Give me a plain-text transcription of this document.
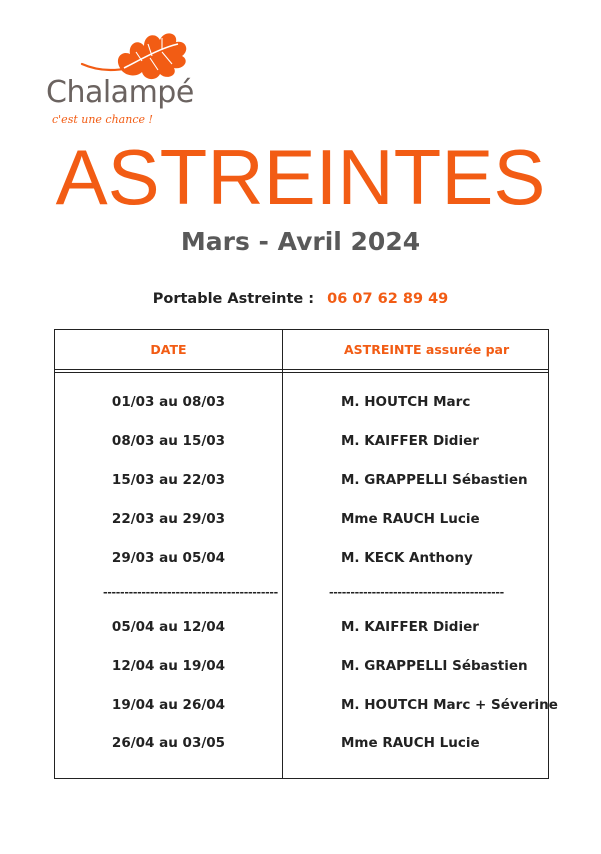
Chalampé
c'est une chance !
ASTREINTES
Mars - Avril 2024
Portable Astreinte : 06 07 62 89 49
DATE	ASTREINTE assurée par
01/03 au 08/03	M. HOUTCH Marc
08/03 au 15/03	M. KAIFFER Didier
15/03 au 22/03	M. GRAPPELLI Sébastien
22/03 au 29/03	Mme RAUCH Lucie
29/03 au 05/04	M. KECK Anthony
-----------------------------------------	-----------------------------------------
05/04 au 12/04	M. KAIFFER Didier
12/04 au 19/04	M. GRAPPELLI Sébastien
19/04 au 26/04	M. HOUTCH Marc + Séverine
26/04 au 03/05	Mme RAUCH Lucie
